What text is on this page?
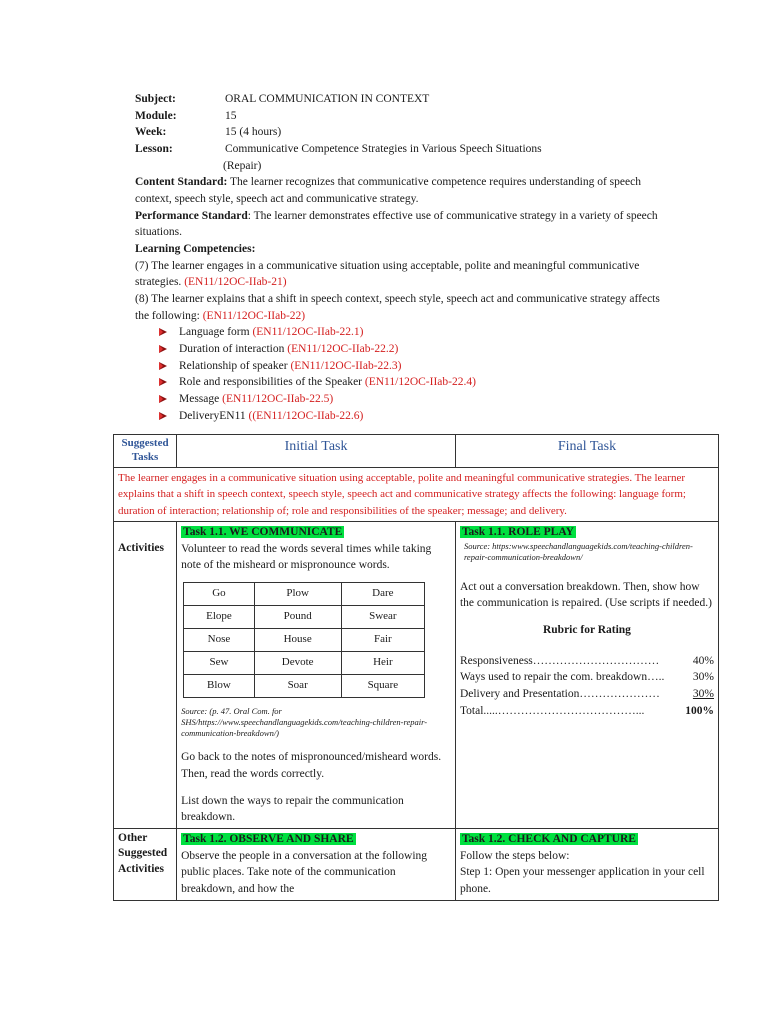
Subject:	ORAL COMMUNICATION IN CONTEXT
Module:	15
Week:	15 (4 hours)
Lesson:	Communicative Competence Strategies in Various Speech Situations
(Repair)

Content Standard: The learner recognizes that communicative competence requires understanding of speech context, speech style, speech act and communicative strategy.

Performance Standard: The learner demonstrates effective use of communicative strategy in a variety of speech situations.

Learning Competencies:

(7) The learner engages in a communicative situation using acceptable, polite and meaningful communicative strategies. (EN11/12OC-IIab-21)

(8) The learner explains that a shift in speech context, speech style, speech act and communicative strategy affects the following: (EN11/12OC-IIab-22)

Language form (EN11/12OC-IIab-22.1)
Duration of interaction (EN11/12OC-IIab-22.2)
Relationship of speaker (EN11/12OC-IIab-22.3)
Role and responsibilities of the Speaker (EN11/12OC-IIab-22.4)
Message (EN11/12OC-IIab-22.5)
DeliveryEN11 ((EN11/12OC-IIab-22.6)
Suggested Tasks	Initial Task	Final Task
The learner engages in a communicative situation using acceptable, polite and meaningful communicative strategies. The learner explains that a shift in speech context, speech style, speech act and communicative strategy affects the following: language form; duration of interaction; relationship of; role and responsibilities of the speaker; message; and delivery.
Activities	
Task 1.1. WE COMMUNICATE

Volunteer to read the words several times while taking note of the misheard or mispronounce words.

Go	Plow	Dare
Elope	Pound	Swear
Nose	House	Fair
Sew	Devote	Heir
Blow	Soar	Square

Source: (p. 47. Oral Com. for SHS/https://www.speechandlanguagekids.com/teaching-children-repair-communication-breakdown/)

Go back to the notes of mispronounced/misheard words. Then, read the words correctly.

List down the ways to repair the communication breakdown.

Task 1.1. ROLE PLAY

Source: https:www.speechandlanguagekids.com/teaching-children-repair-communication-breakdown/

Act out a conversation breakdown. Then, show how the communication is repaired. (Use scripts if needed.)

Rubric for Rating
Responsiveness……………………………	40%
Ways used to repair the com. breakdown….. 30%
Delivery and Presentation…………………	30%
Total.....………………………………...	100%

Other Suggested Activities	
Task 1.2. OBSERVE AND SHARE

Observe the people in a conversation at the following public places. Take note of the communication breakdown, and how the

Task 1.2. CHECK AND CAPTURE

Follow the steps below:

Step 1: Open your messenger application in your cell phone.
